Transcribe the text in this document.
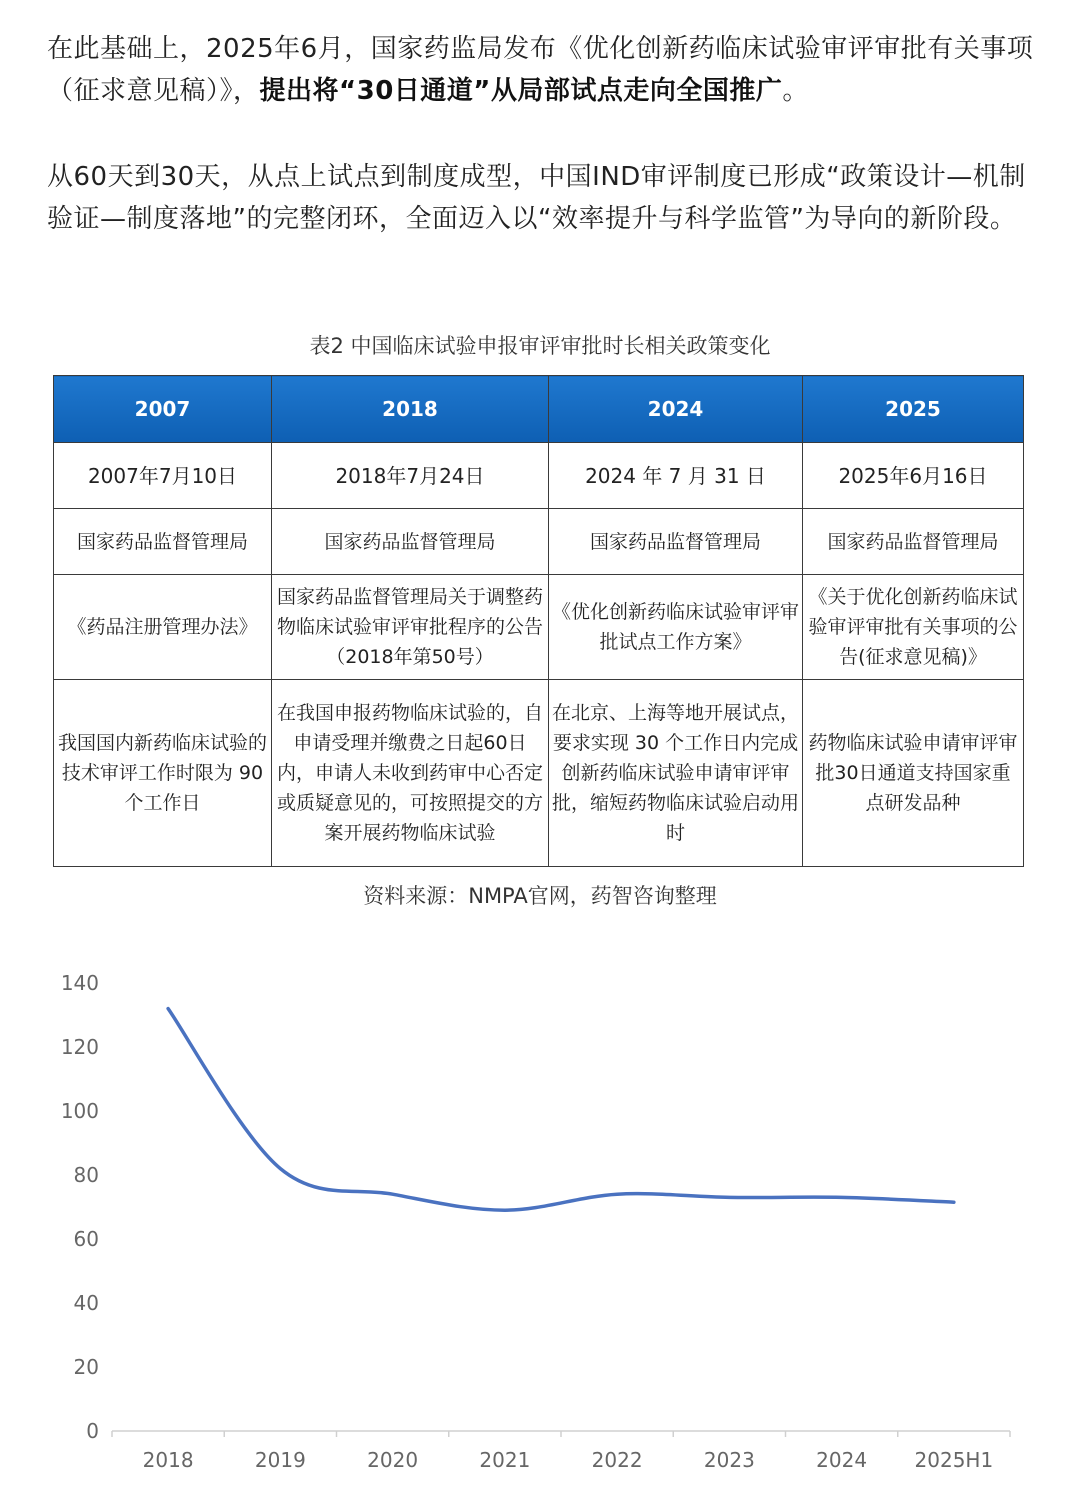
在此基础上，2025年6月，国家药监局发布《优化创新药临床试验审评审批有关事项（征求意见稿）》，提出将“30日通道”从局部试点走向全国推广。
从60天到30天，从点上试点到制度成型，中国IND审评制度已形成“政策设计—机制验证—制度落地”的完整闭环，全面迈入以“效率提升与科学监管”为导向的新阶段。
表2 中国临床试验申报审评审批时长相关政策变化
2007	2018	2024	2025
2007年7月10日	2018年7月24日	2024 年 7 月 31 日	2025年6月16日
国家药品监督管理局	国家药品监督管理局	国家药品监督管理局	国家药品监督管理局
《药品注册管理办法》	国家药品监督管理局关于调整药物临床试验审评审批程序的公告（2018年第50号）	《优化创新药临床试验审评审批试点工作方案》	《关于优化创新药临床试验审评审批有关事项的公告(征求意见稿)》
我国国内新药临床试验的技术审评工作时限为 90 个工作日	在我国申报药物临床试验的，自申请受理并缴费之日起60日内，申请人未收到药审中心否定或质疑意见的，可按照提交的方案开展药物临床试验	在北京、上海等地开展试点，要求实现 30 个工作日内完成创新药临床试验申请审评审批，缩短药物临床试验启动用时	药物临床试验申请审评审批30日通道支持国家重点研发品种
资料来源：NMPA官网，药智咨询整理
0
20
40
60
80
100
120
140
2018	2019	2020	2021	2022	2023	2024 2025H1
